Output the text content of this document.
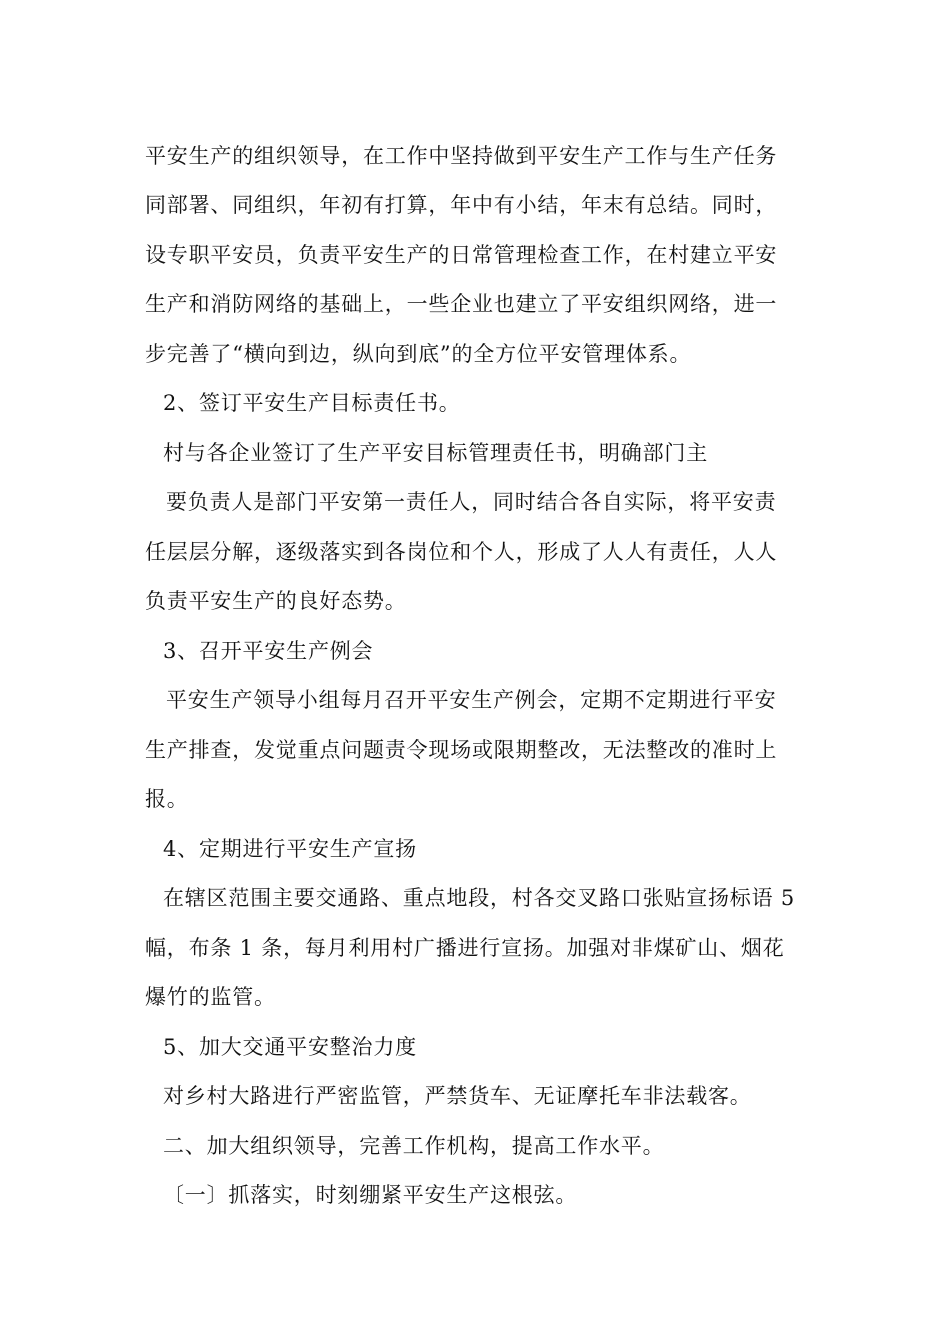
平安生产的组织领导，在工作中坚持做到平安生产工作与生产任务
同部署、同组织，年初有打算，年中有小结，年末有总结。同时，
设专职平安员，负责平安生产的日常管理检查工作，在村建立平安
生产和消防网络的基础上，一些企业也建立了平安组织网络，进一
步完善了“横向到边，纵向到底”的全方位平安管理体系。
2、签订平安生产目标责任书。
村与各企业签订了生产平安目标管理责任书，明确部门主
要负责人是部门平安第一责任人，同时结合各自实际，将平安责
任层层分解，逐级落实到各岗位和个人，形成了人人有责任，人人
负责平安生产的良好态势。
3、召开平安生产例会
平安生产领导小组每月召开平安生产例会，定期不定期进行平安
生产排查，发觉重点问题责令现场或限期整改，无法整改的准时上
报。
4、定期进行平安生产宣扬
在辖区范围主要交通路、重点地段，村各交叉路口张贴宣扬标语 5
幅，布条 1 条，每月利用村广播进行宣扬。加强对非煤矿山、烟花
爆竹的监管。
5、加大交通平安整治力度
对乡村大路进行严密监管，严禁货车、无证摩托车非法载客。
二、加大组织领导，完善工作机构，提高工作水平。
〔一〕抓落实，时刻绷紧平安生产这根弦。
